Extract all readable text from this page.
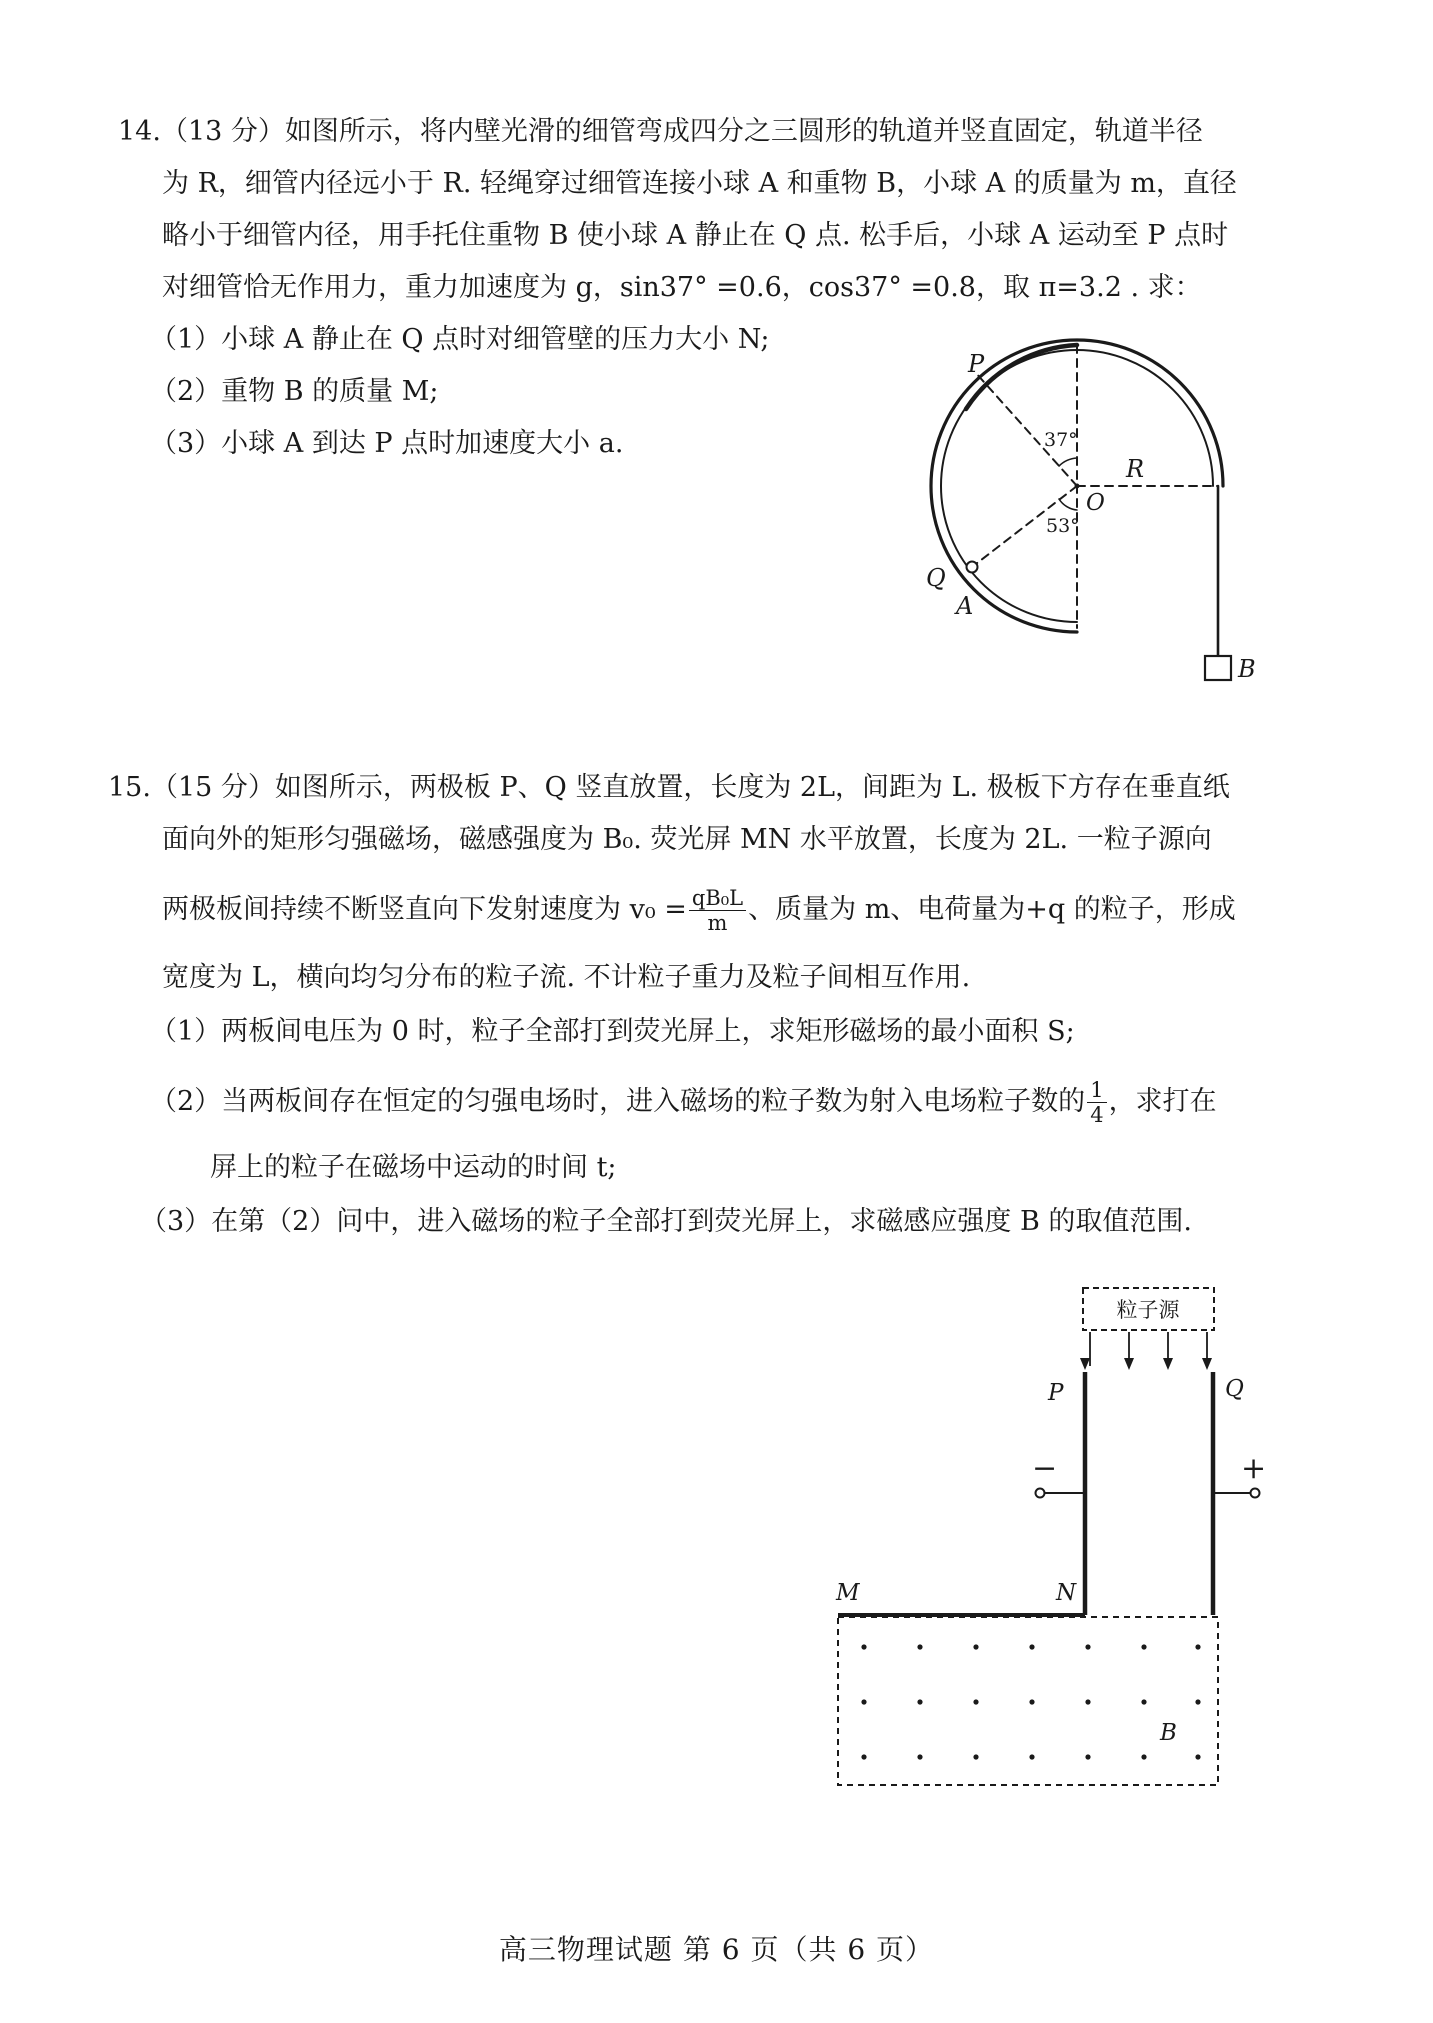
14.（13 分）如图所示，将内壁光滑的细管弯成四分之三圆形的轨道并竖直固定，轨道半径
为 R，细管内径远小于 R. 轻绳穿过细管连接小球 A 和重物 B，小球 A 的质量为 m，直径
略小于细管内径，用手托住重物 B 使小球 A 静止在 Q 点. 松手后，小球 A 运动至 P 点时
对细管恰无作用力，重力加速度为 g，sin37° =0.6，cos37° =0.8，取 π=3.2 . 求：
（1）小球 A 静止在 Q 点时对细管壁的压力大小 N;
（2）重物 B 的质量 M;
（3）小球 A 到达 P 点时加速度大小 a.
P
Q
A
O
R
B
37°
53°
15.（15 分）如图所示，两极板 P、Q 竖直放置，长度为 2L，间距为 L. 极板下方存在垂直纸
面向外的矩形匀强磁场，磁感强度为 B₀. 荧光屏 MN 水平放置，长度为 2L. 一粒子源向
两极板间持续不断竖直向下发射速度为 $v_0 = \frac{\text{qB₀L}}{m}$ 、质量为 m、电荷量为+q 的粒子，形成
宽度为 L，横向均匀分布的粒子流. 不计粒子重力及粒子间相互作用.
（1）两板间电压为 0 时，粒子全部打到荧光屏上，求矩形磁场的最小面积 S;
（2）当两板间存在恒定的匀强电场时，进入磁场的粒子数为射入电场粒子数的 $\frac{1}{4}$ ，求打在
屏上的粒子在磁场中运动的时间 t;
（3）在第（2）问中，进入磁场的粒子全部打到荧光屏上，求磁感应强度 B 的取值范围.
粒子源
P	Q
−	+
M	N
B
高三物理试题 第 6 页（共 6 页）
